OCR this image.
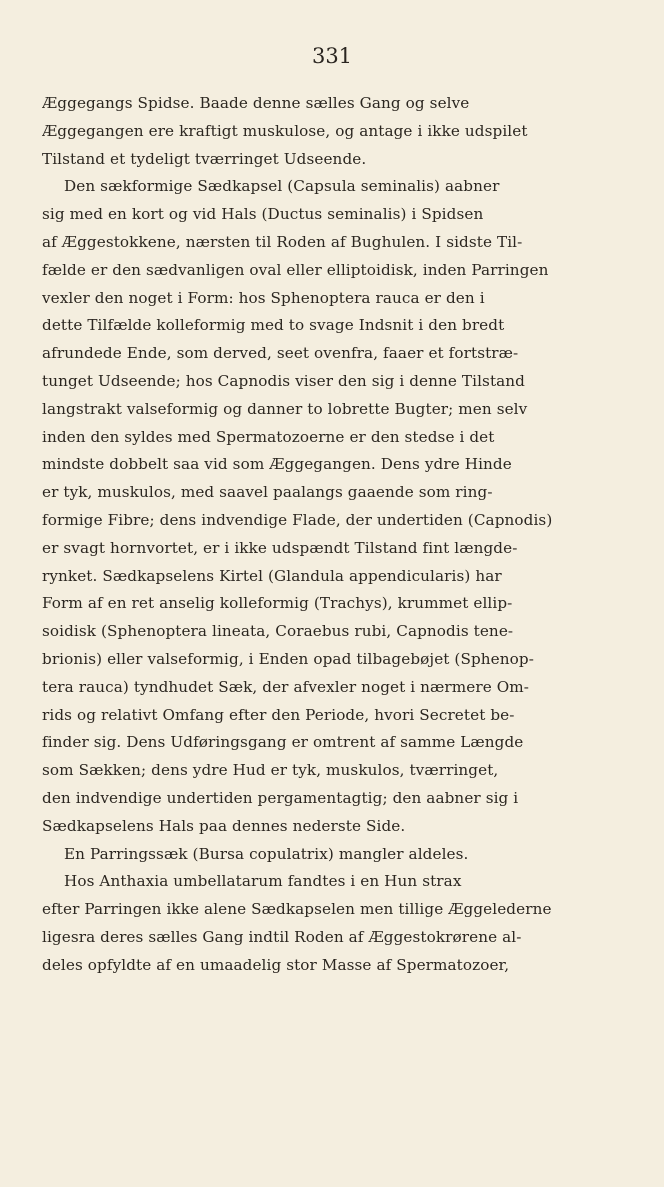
331
Æggegangs Spidse. Baade denne sælles Gang og selve
Æggegangen ere kraftigt muskulose, og antage i ikke udspilet
Tilstand et tydeligt tværringet Udseende.
Den sækformige Sædkapsel (Capsula seminalis) aabner
sig med en kort og vid Hals (Ductus seminalis) i Spidsen
af Æggestokkene, nærsten til Roden af Bughulen. I sidste Til-
fælde er den sædvanligen oval eller elliptoidisk, inden Parringen
vexler den noget i Form: hos Sphenoptera rauca er den i
dette Tilfælde kolleformig med to svage Indsnit i den bredt
afrundede Ende, som derved, seet ovenfra, faaer et fortstræ-
tunget Udseende; hos Capnodis viser den sig i denne Tilstand
langstrakt valseformig og danner to lobrette Bugter; men selv
inden den syldes med Spermatozoerne er den stedse i det
mindste dobbelt saa vid som Æggegangen. Dens ydre Hinde
er tyk, muskulos, med saavel paalangs gaaende som ring-
formige Fibre; dens indvendige Flade, der undertiden (Capnodis)
er svagt hornvortet, er i ikke udspændt Tilstand fint længde-
rynket. Sædkapselens Kirtel (Glandula appendicularis) har
Form af en ret anselig kolleformig (Trachys), krummet ellip-
soidisk (Sphenoptera lineata, Coraebus rubi, Capnodis tene-
brionis) eller valseformig, i Enden opad tilbagebøjet (Sphenop-
tera rauca) tyndhudet Sæk, der afvexler noget i nærmere Om-
rids og relativt Omfang efter den Periode, hvori Secretet be-
finder sig. Dens Udføringsgang er omtrent af samme Længde
som Sækken; dens ydre Hud er tyk, muskulos, tværringet,
den indvendige undertiden pergamentagtig; den aabner sig i
Sædkapselens Hals paa dennes nederste Side.
En Parringssæk (Bursa copulatrix) mangler aldeles.
Hos Anthaxia umbellatarum fandtes i en Hun strax
efter Parringen ikke alene Sædkapselen men tillige Æggelederne
ligesra deres sælles Gang indtil Roden af Æggestokrørene al-
deles opfyldte af en umaadelig stor Masse af Spermatozoer,
